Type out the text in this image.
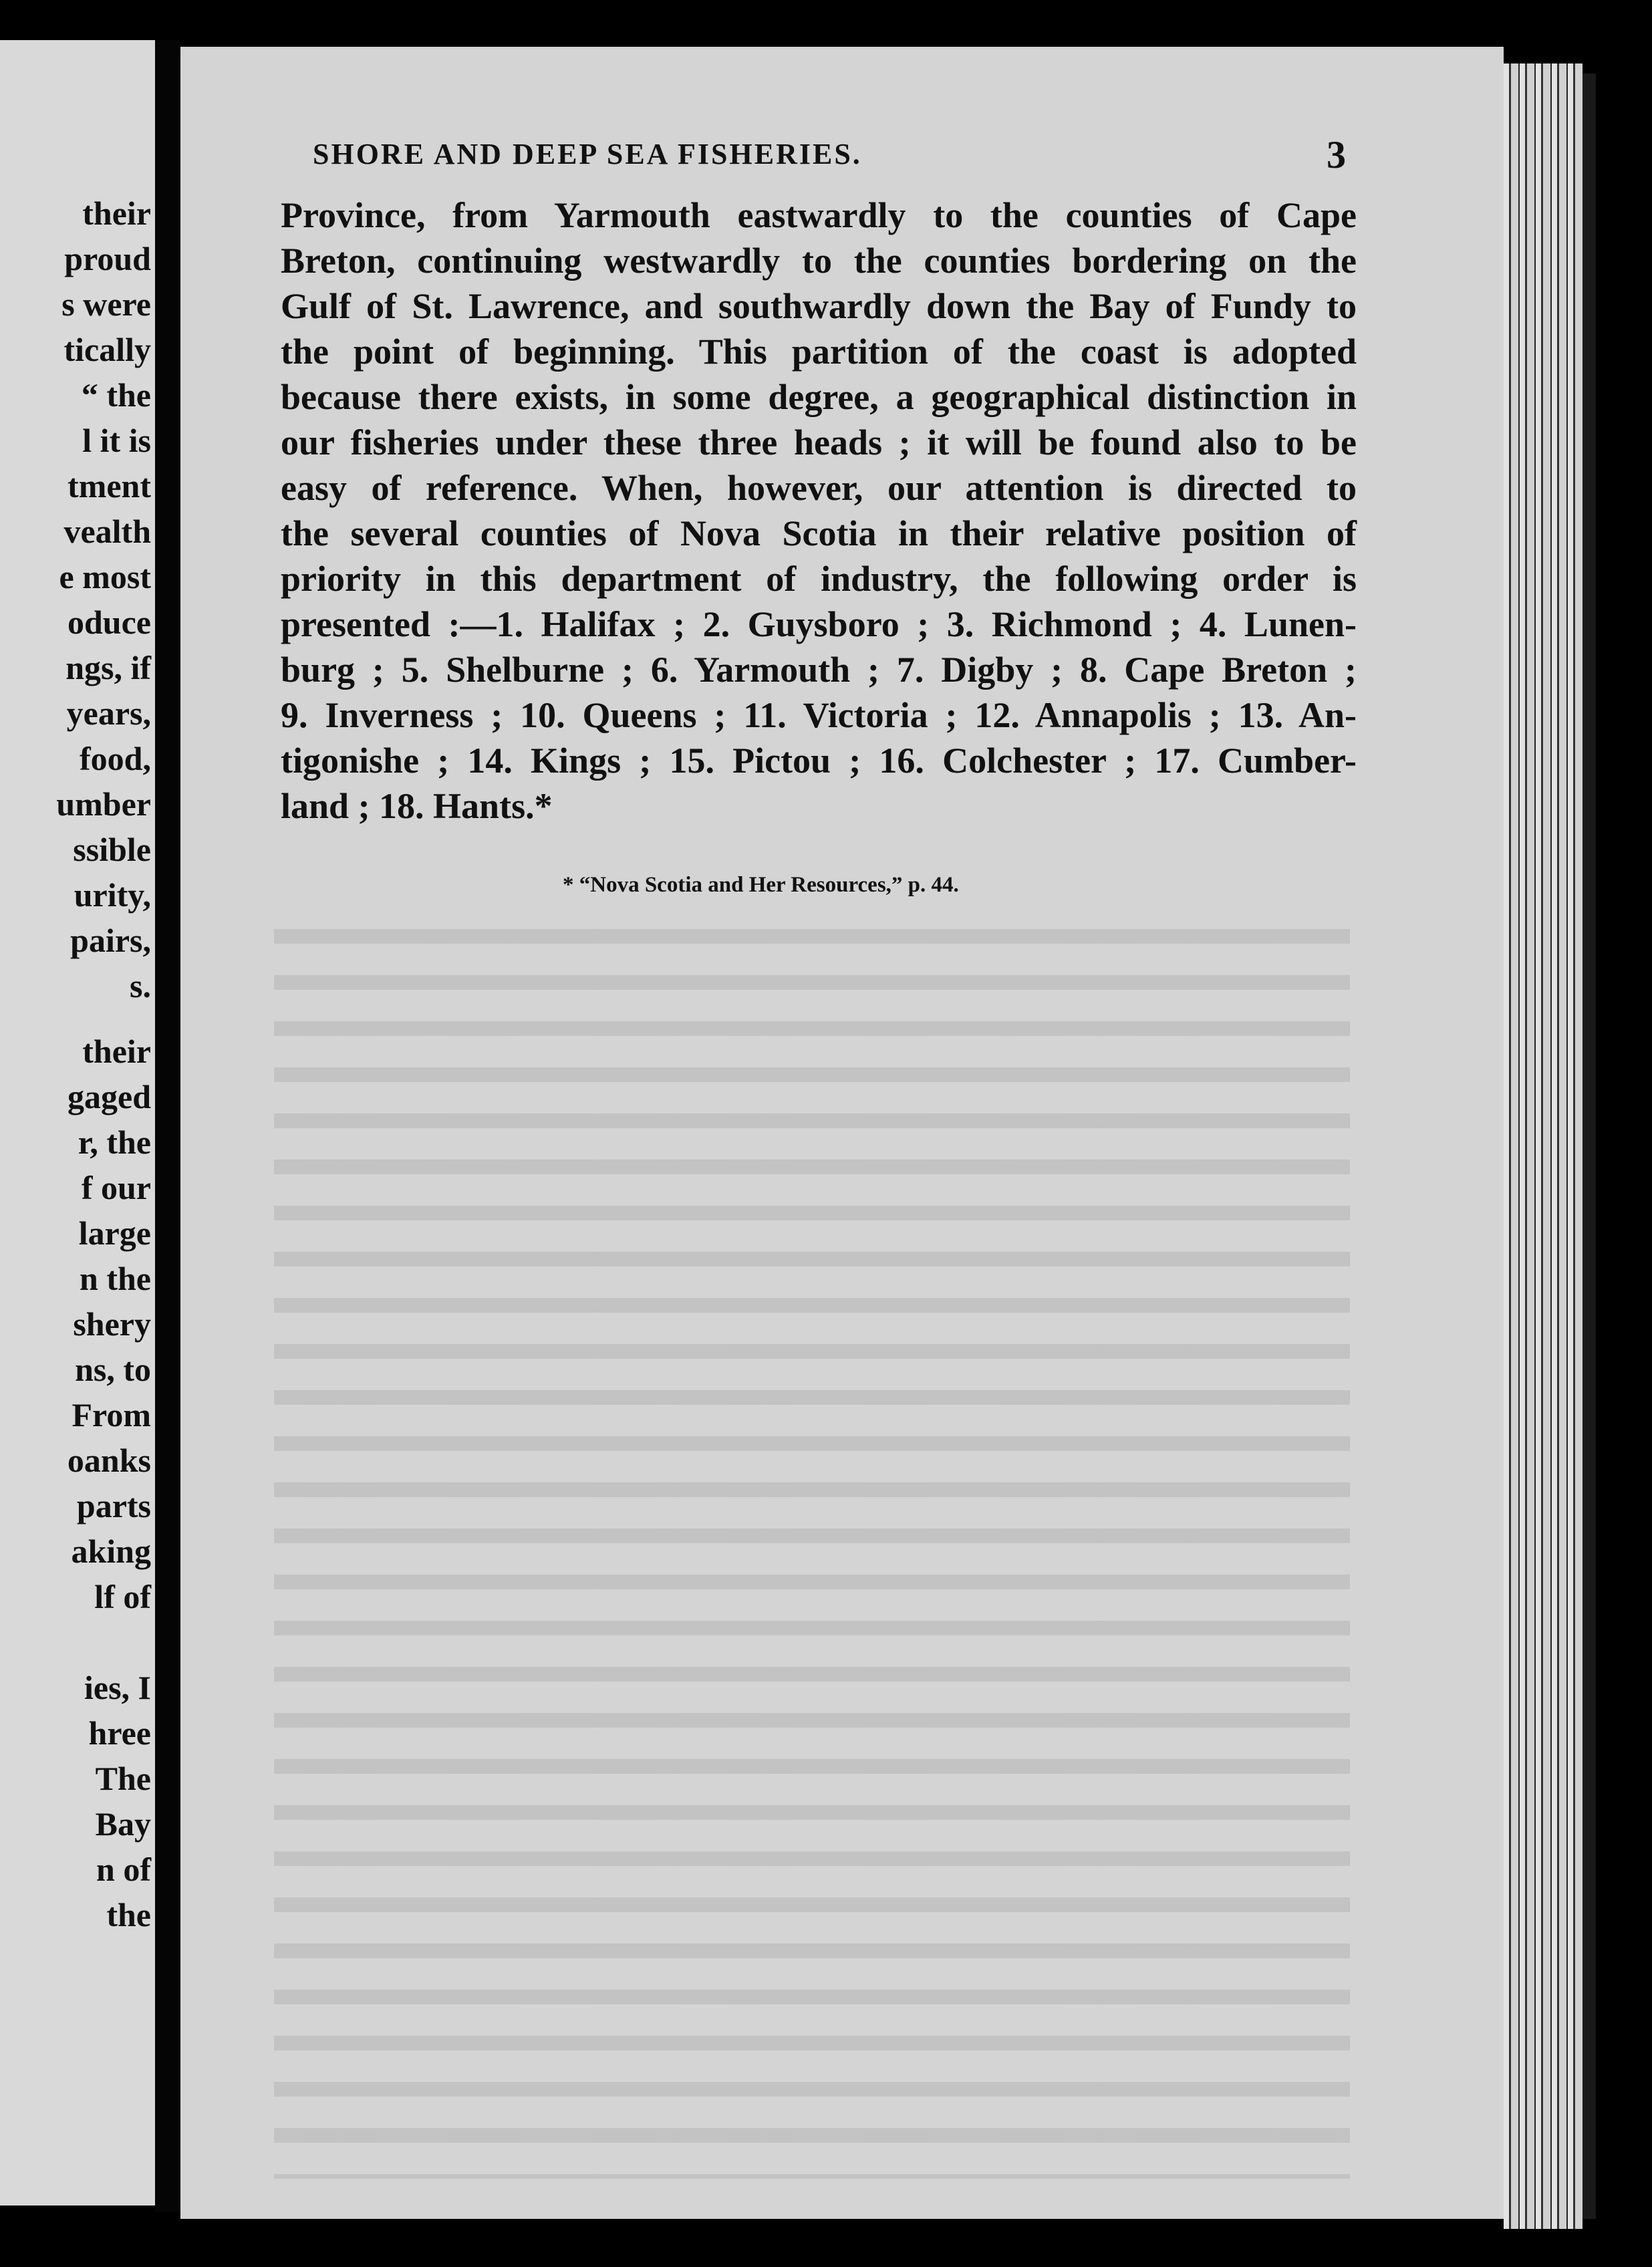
their
proud
s were
tically
“ the
l it is
tment
vealth
e most
oduce
ngs, if
years,
food,
umber
ssible
urity,
pairs,
s.
their
gaged
r, the
f our
large
n the
shery
ns, to
From
oanks
parts
aking
lf of
ies, I
hree
The
Bay
n of
the
SHORE AND DEEP SEA FISHERIES.	3
Province, from Yarmouth eastwardly to the counties of Cape
Breton, continuing westwardly to the counties bordering on the
Gulf of St. Lawrence, and southwardly down the Bay of Fundy to
the point of beginning. This partition of the coast is adopted
because there exists, in some degree, a geographical distinction in
our fisheries under these three heads ; it will be found also to be
easy of reference. When, however, our attention is directed to
the several counties of Nova Scotia in their relative position of
priority in this department of industry, the following order is
presented :—1. Halifax ; 2. Guysboro ; 3. Richmond ; 4. Lunen-
burg ; 5. Shelburne ; 6. Yarmouth ; 7. Digby ; 8. Cape Breton ;
9. Inverness ; 10. Queens ; 11. Victoria ; 12. Annapolis ; 13. An-
tigonishe ; 14. Kings ; 15. Pictou ; 16. Colchester ; 17. Cumber-
land ; 18. Hants.*
* “Nova Scotia and Her Resources,” p. 44.
